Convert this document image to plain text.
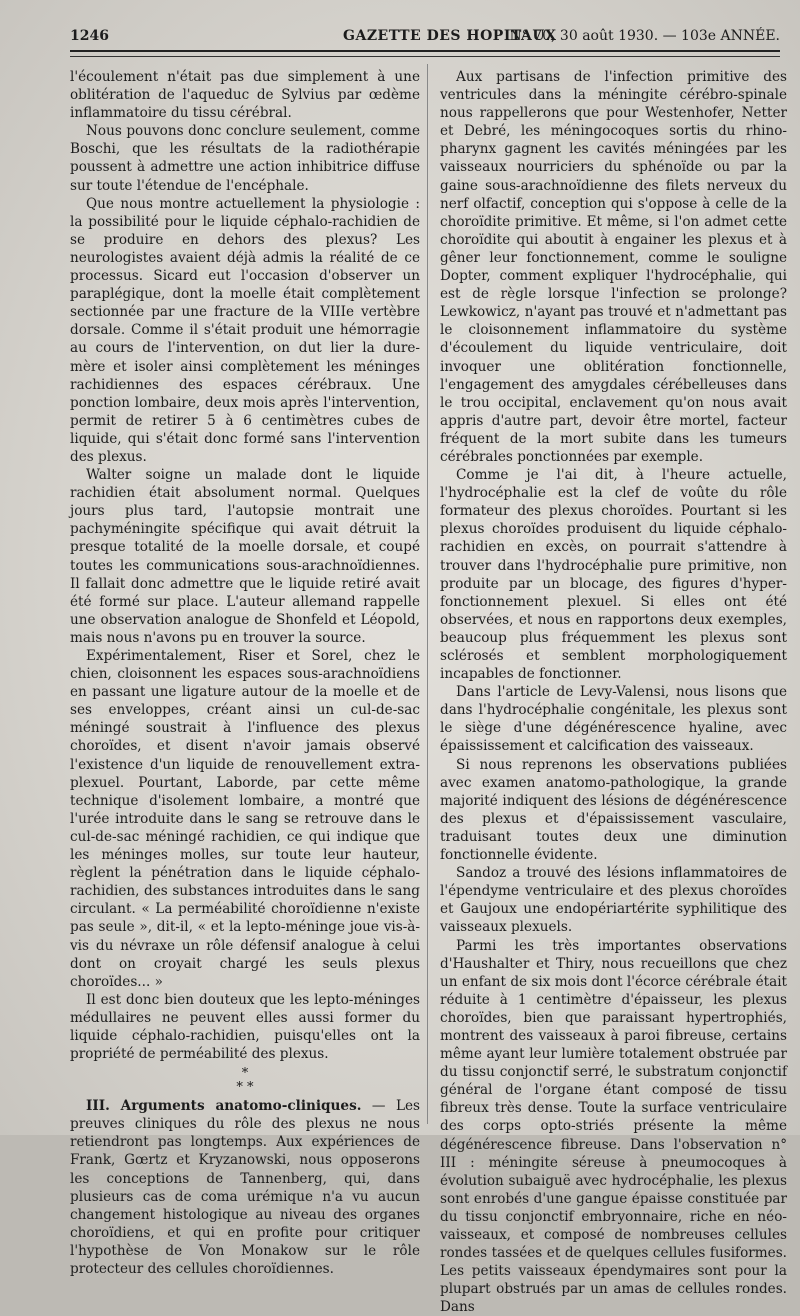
1246	GAZETTE DES HOPITAUX
N° 70, 30 août 1930. — 103e ANNÉE.

l'écoulement n'était pas due simplement à une oblitération de l'aqueduc de Sylvius par œdème inflammatoire du tissu cérébral.

Nous pouvons donc conclure seulement, comme Boschi, que les résultats de la radiothérapie poussent à admettre une action inhibitrice diffuse sur toute l'étendue de l'encéphale.

Que nous montre actuellement la physiologie : la possibilité pour le liquide céphalo-rachidien de se produire en dehors des plexus? Les neurologistes avaient déjà admis la réalité de ce processus. Sicard eut l'occasion d'observer un paraplégique, dont la moelle était complètement sectionnée par une fracture de la VIIIe vertèbre dorsale. Comme il s'était produit une hémorragie au cours de l'intervention, on dut lier la dure-mère et isoler ainsi complètement les méninges rachidiennes des espaces cérébraux. Une ponction lombaire, deux mois après l'intervention, permit de retirer 5 à 6 centimètres cubes de liquide, qui s'était donc formé sans l'intervention des plexus.

Walter soigne un malade dont le liquide rachidien était absolument normal. Quelques jours plus tard, l'autopsie montrait une pachyméningite spécifique qui avait détruit la presque totalité de la moelle dorsale, et coupé toutes les communications sous-arachnoïdiennes. Il fallait donc admettre que le liquide retiré avait été formé sur place. L'auteur allemand rappelle une observation analogue de Shonfeld et Léopold, mais nous n'avons pu en trouver la source.

Expérimentalement, Riser et Sorel, chez le chien, cloisonnent les espaces sous-arachnoïdiens en passant une ligature autour de la moelle et de ses enveloppes, créant ainsi un cul-de-sac méningé soustrait à l'influence des plexus choroïdes, et disent n'avoir jamais observé l'existence d'un liquide de renouvellement extra-plexuel. Pourtant, Laborde, par cette même technique d'isolement lombaire, a montré que l'urée introduite dans le sang se retrouve dans le cul-de-sac méningé rachidien, ce qui indique que les méninges molles, sur toute leur hauteur, règlent la pénétration dans le liquide céphalo-rachidien, des substances introduites dans le sang circulant. « La perméabilité choroïdienne n'existe pas seule », dit-il, « et la lepto-méninge joue vis-à-vis du névraxe un rôle défensif analogue à celui dont on croyait chargé les seuls plexus choroïdes... »

Il est donc bien douteux que les lepto-méninges médullaires ne peuvent elles aussi former du liquide céphalo-rachidien, puisqu'elles ont la propriété de perméabilité des plexus.

*
* *

III. Arguments anatomo-cliniques. — Les preuves cliniques du rôle des plexus ne nous retiendront pas longtemps. Aux expériences de Frank, Gœrtz et Kryzanowski, nous opposerons les conceptions de Tannenberg, qui, dans plusieurs cas de coma urémique n'a vu aucun changement histologique au niveau des organes choroïdiens, et qui en profite pour critiquer l'hypothèse de Von Monakow sur le rôle protecteur des cellules choroïdiennes.

Aux partisans de l'infection primitive des ventricules dans la méningite cérébro-spinale nous rappellerons que pour Westenhofer, Netter et Debré, les méningocoques sortis du rhino-pharynx gagnent les cavités méningées par les vaisseaux nourriciers du sphénoïde ou par la gaine sous-arachnoïdienne des filets nerveux du nerf olfactif, conception qui s'oppose à celle de la choroïdite primitive. Et même, si l'on admet cette choroïdite qui aboutit à engainer les plexus et à gêner leur fonctionnement, comme le souligne Dopter, comment expliquer l'hydrocéphalie, qui est de règle lorsque l'infection se prolonge? Lewkowicz, n'ayant pas trouvé et n'admettant pas le cloisonnement inflammatoire du système d'écoulement du liquide ventriculaire, doit invoquer une oblitération fonctionnelle, l'engagement des amygdales cérébelleuses dans le trou occipital, enclavement qu'on nous avait appris d'autre part, devoir être mortel, facteur fréquent de la mort subite dans les tumeurs cérébrales ponctionnées par exemple.

Comme je l'ai dit, à l'heure actuelle, l'hydrocéphalie est la clef de voûte du rôle formateur des plexus choroïdes. Pourtant si les plexus choroïdes produisent du liquide céphalo-rachidien en excès, on pourrait s'attendre à trouver dans l'hydrocéphalie pure primitive, non produite par un blocage, des figures d'hyper-fonctionnement plexuel. Si elles ont été observées, et nous en rapportons deux exemples, beaucoup plus fréquemment les plexus sont sclérosés et semblent morphologiquement incapables de fonctionner.

Dans l'article de Levy-Valensi, nous lisons que dans l'hydrocéphalie congénitale, les plexus sont le siège d'une dégénérescence hyaline, avec épaississement et calcification des vaisseaux.

Si nous reprenons les observations publiées avec examen anatomo-pathologique, la grande majorité indiquent des lésions de dégénérescence des plexus et d'épaississement vasculaire, traduisant toutes deux une diminution fonctionnelle évidente.

Sandoz a trouvé des lésions inflammatoires de l'épendyme ventriculaire et des plexus choroïdes et Gaujoux une endopériartérite syphilitique des vaisseaux plexuels.

Parmi les très importantes observations d'Haushalter et Thiry, nous recueillons que chez un enfant de six mois dont l'écorce cérébrale était réduite à 1 centimètre d'épaisseur, les plexus choroïdes, bien que paraissant hypertrophiés, montrent des vaisseaux à paroi fibreuse, certains même ayant leur lumière totalement obstruée par du tissu conjonctif serré, le substratum conjonctif général de l'organe étant composé de tissu fibreux très dense. Toute la surface ventriculaire des corps opto-striés présente la même dégénérescence fibreuse. Dans l'observation n° III : méningite séreuse à pneumocoques à évolution subaiguë avec hydrocéphalie, les plexus sont enrobés d'une gangue épaisse constituée par du tissu conjonctif embryonnaire, riche en néo-vaisseaux, et composé de nombreuses cellules rondes tassées et de quelques cellules fusiformes. Les petits vaisseaux épendymaires sont pour la plupart obstrués par un amas de cellules rondes. Dans
